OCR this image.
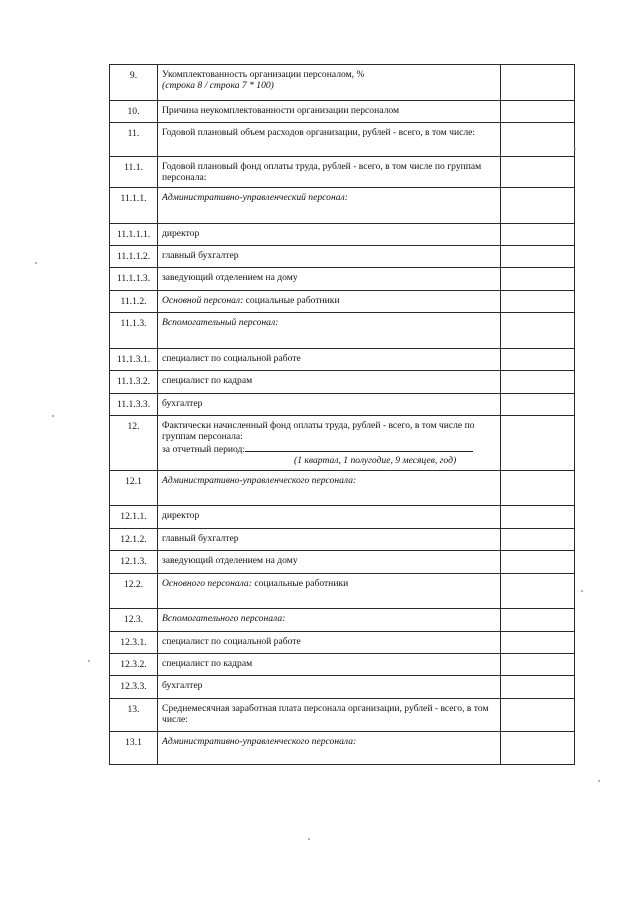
9.	Укомплектованность организации персоналом, %
(строка 8 / строка 7 * 100)	

10.	Причина неукомплектованности организации персоналом	

11.	Годовой плановый объем расходов организации, рублей - всего, в том числе:	

11.1.	Годовой плановый фонд оплаты труда, рублей - всего, в том числе по группам персонала:	

11.1.1.	Административно-управленческий персонал:	

11.1.1.1.	директор	

11.1.1.2.	главный бухгалтер	

11.1.1.3.	заведующий отделением на дому	

11.1.2.	Основной персонал: социальные работники	

11.1.3.	Вспомогательный персонал:	

11.1.3.1.	специалист по социальной работе	

11.1.3.2.	специалист по кадрам	

11.1.3.3.	бухгалтер	

12.	Фактически начисленный фонд оплаты труда, рублей - всего, в том числе по группам персонала:
за отчетный период:
(1 квартал, 1 полугодие, 9 месяцев, год)	

12.1	Административно-управленческого персонала:	

12.1.1.	директор	

12.1.2.	главный бухгалтер	

12.1.3.	заведующий отделением на дому	

12.2.	Основного персонала: социальные работники	

12.3.	Вспомогательного персонала:	

12.3.1.	специалист по социальной работе	

12.3.2.	специалист по кадрам	

12.3.3.	бухгалтер	

13.	Среднемесячная заработная плата персонала организации, рублей - всего, в том числе:	

13.1	Административно-управленческого персонала:	
